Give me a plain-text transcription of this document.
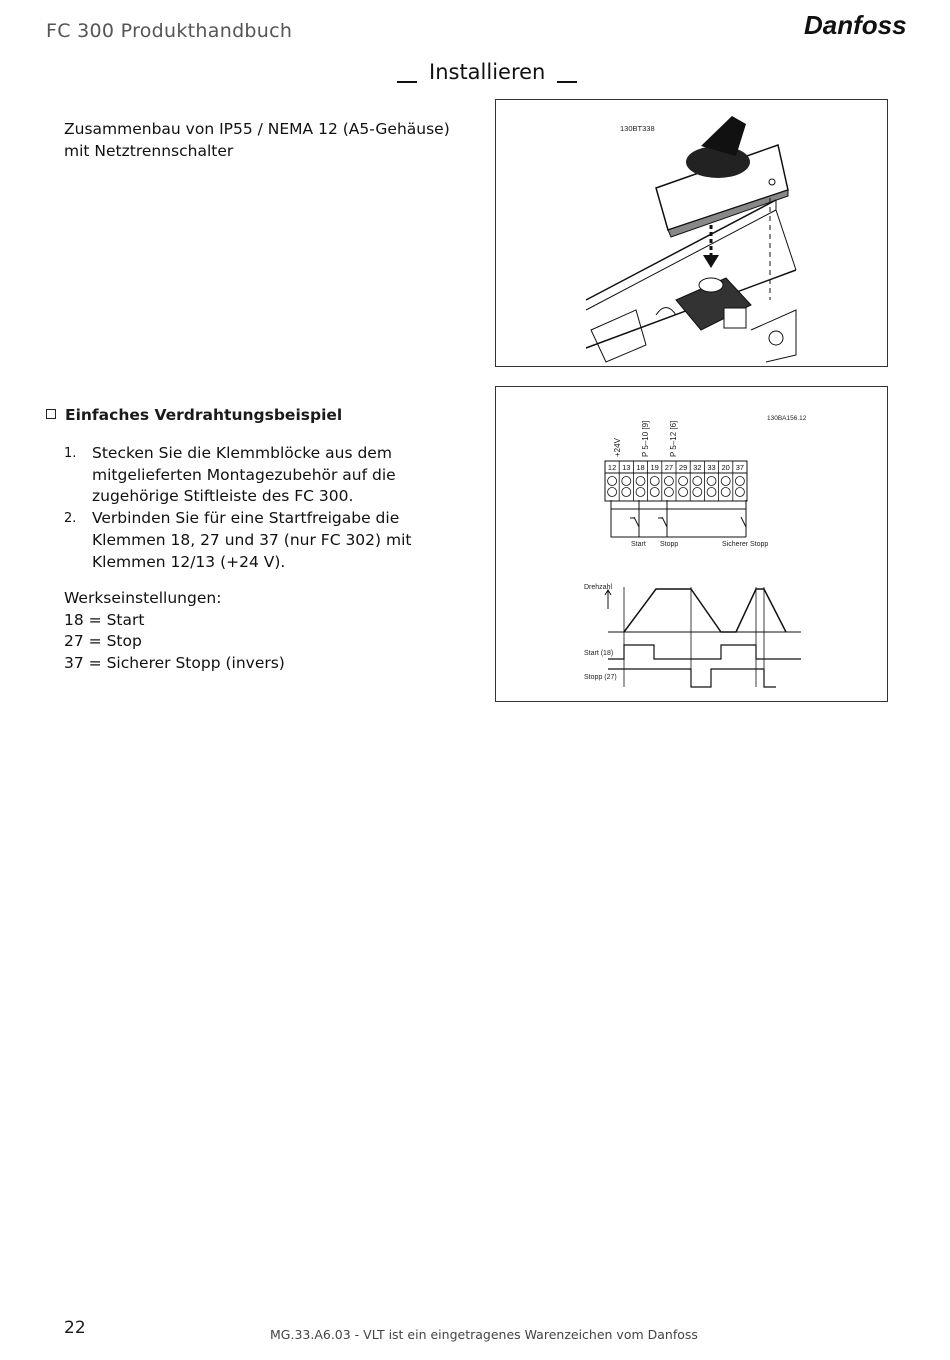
FC 300 Produkthandbuch	Danfoss
Installieren
Zusammenbau von IP55 / NEMA 12 (A5-Gehäuse)
mit Netztrennschalter
130BT338
Einfaches Verdrahtungsbeispiel
1. Stecken Sie die Klemmblöcke aus dem
mitgelieferten Montagezubehör auf die
zugehörige Stiftleiste des FC 300.
2. Verbinden Sie für eine Startfreigabe die
Klemmen 18, 27 und 37 (nur FC 302) mit
Klemmen 12/13 (+24 V).
Werkseinstellungen:
18 = Start
27 = Stop
37 = Sicherer Stopp (invers)
130BA156.12
+24V P 5–10 [9] P 5–12 [6]
12 13 18 19 27 29 32 33 20 37
Start Stopp	Sicherer Stopp
Drehzahl
Start (18)
Stopp (27)
22	MG.33.A6.03 - VLT ist ein eingetragenes Warenzeichen vom Danfoss
